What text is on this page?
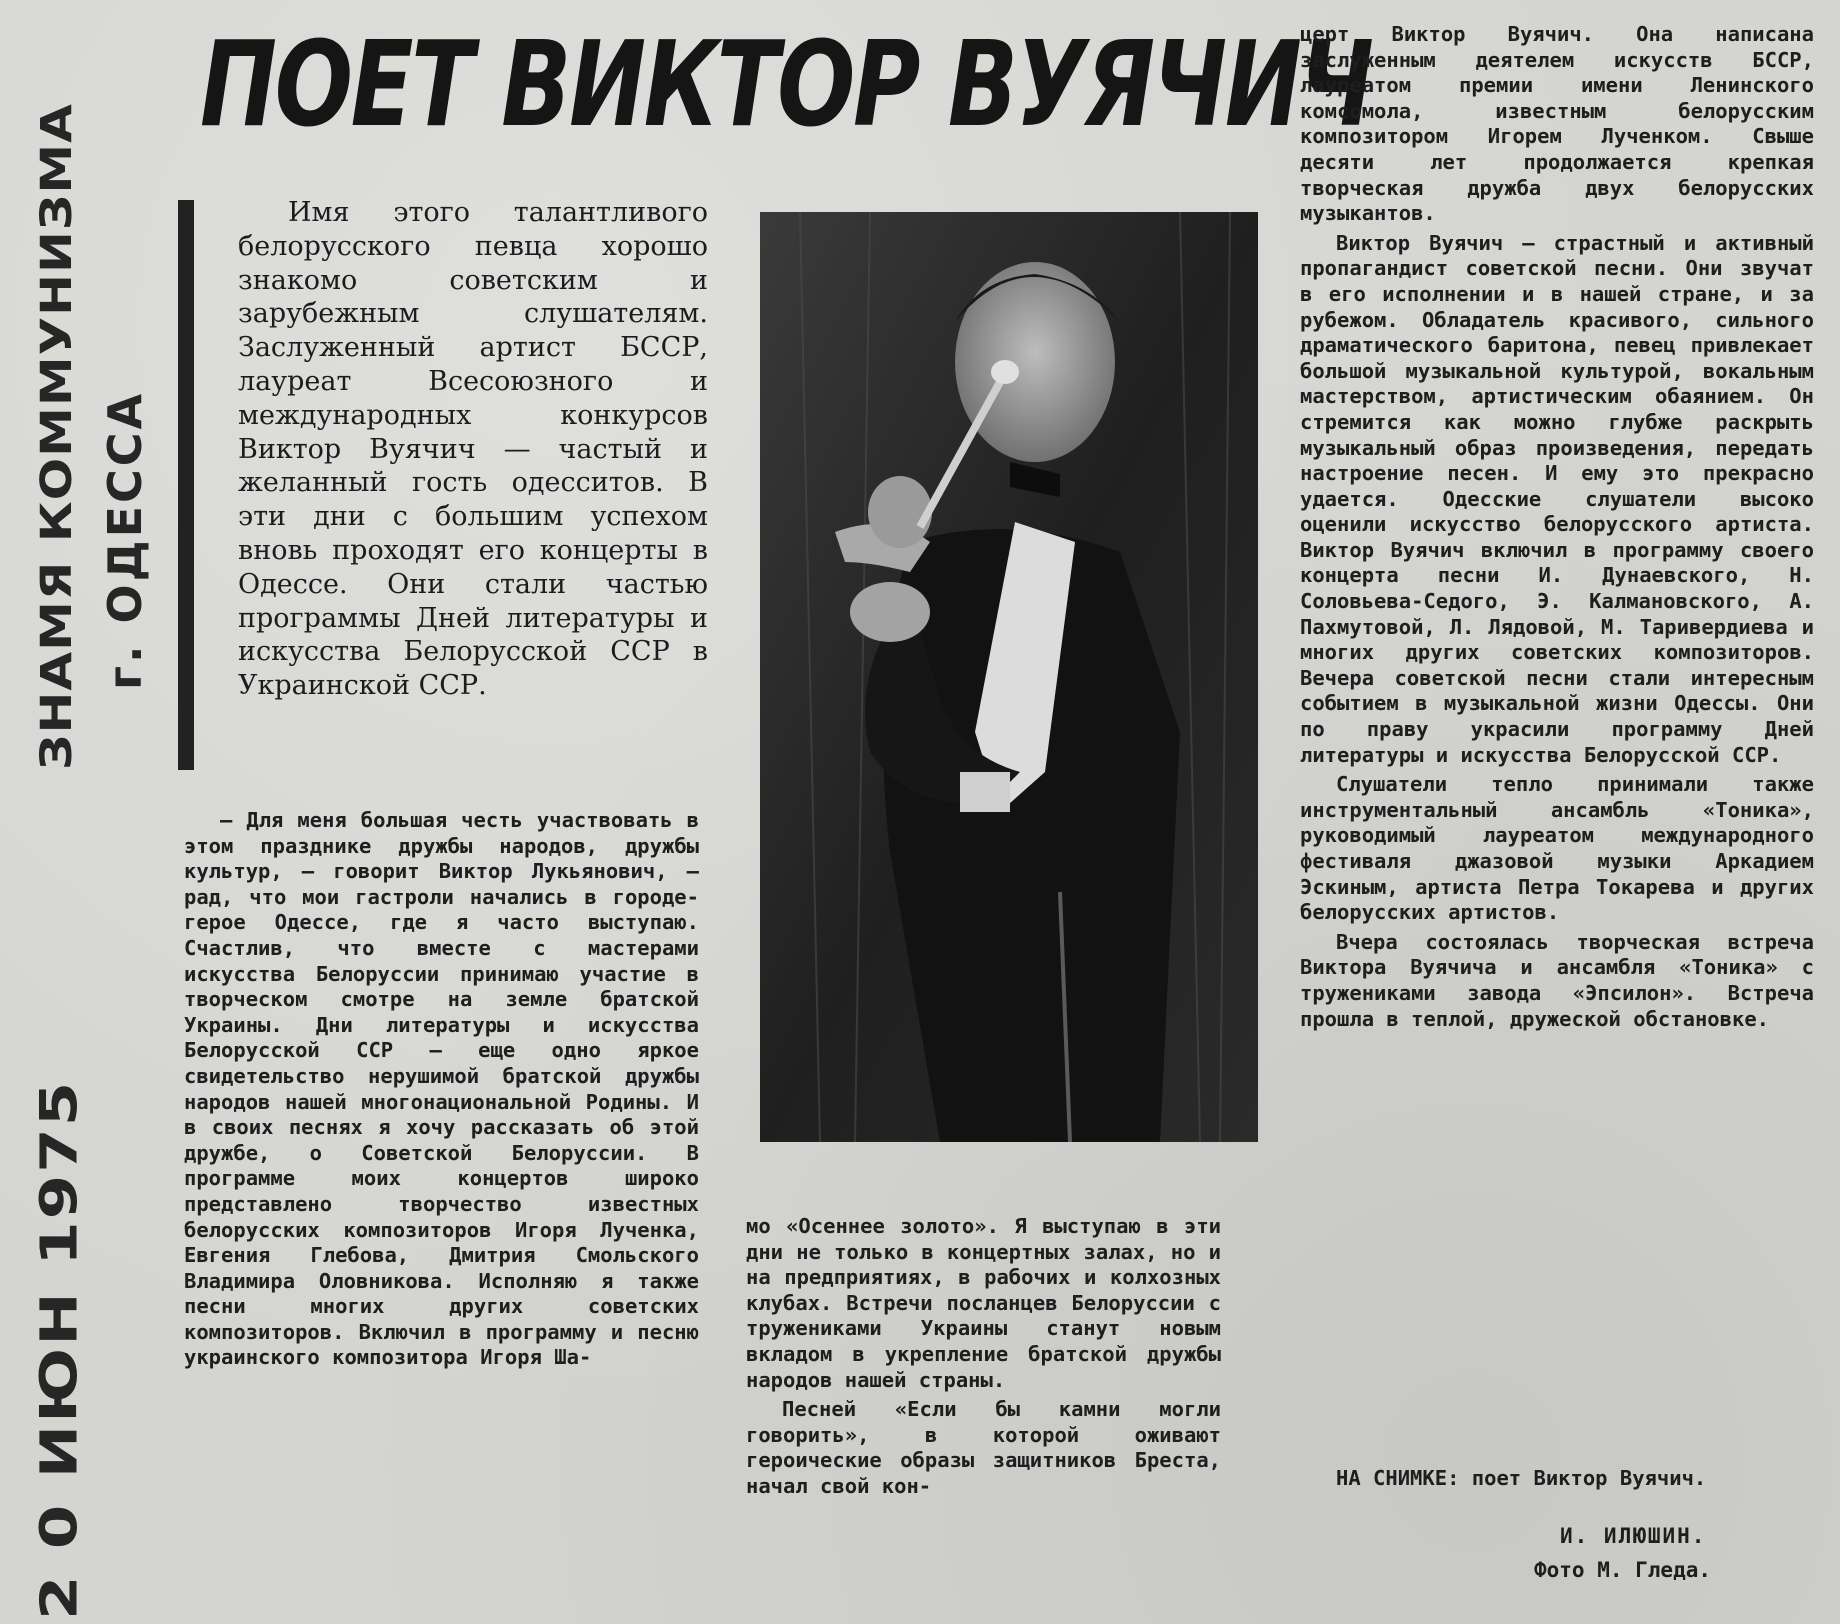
ПОЕТ ВИКТОР ВУЯЧИЧ
ЗНАМЯ КОММУНИЗМА г. ОДЕССА
2 0 ИЮН 1975

Имя этого талантливого белорусского певца хорошо знакомо советским и зарубежным слушателям. Заслуженный артист БССР, лауреат Всесоюзного и международных конкурсов Виктор Вуячич — частый и желанный гость одесситов. В эти дни с большим успехом вновь проходят его концерты в Одессе. Они стали частью программы Дней литературы и искусства Белорусской ССР в Украинской ССР.

— Для меня большая честь участвовать в этом празднике дружбы народов, дружбы культур, — говорит Виктор Лукьянович, — рад, что мои гастроли начались в городе-герое Одессе, где я часто выступаю. Счастлив, что вместе с мастерами искусства Белоруссии принимаю участие в творческом смотре на земле братской Украины. Дни литературы и искусства Белорусской ССР — еще одно яркое свидетельство нерушимой братской дружбы народов нашей многонациональной Родины. И в своих песнях я хочу рассказать об этой дружбе, о Советской Белоруссии. В программе моих концертов широко представлено творчество известных белорусских композиторов Игоря Лученка, Евгения Глебова, Дмитрия Смольского Владимира Оловникова. Исполняю я также песни многих других советских композиторов. Включил в программу и песню украинского композитора Игоря Ша-

мо «Осеннее золото». Я выступаю в эти дни не только в концертных залах, но и на предприятиях, в рабочих и колхозных клубах. Встречи посланцев Белоруссии с тружениками Украины станут новым вкладом в укрепление братской дружбы народов нашей страны.

Песней «Если бы камни могли говорить», в которой оживают героические образы защитников Бреста, начал свой кон-

церт Виктор Вуячич. Она написана заслуженным деятелем искусств БССР, лауреатом премии имени Ленинского комсомола, известным белорусским композитором Игорем Лученком. Свыше десяти лет продолжается крепкая творческая дружба двух белорусских музыкантов.

Виктор Вуячич — страстный и активный пропагандист советской песни. Они звучат в его исполнении и в нашей стране, и за рубежом. Обладатель красивого, сильного драматического баритона, певец привлекает большой музыкальной культурой, вокальным мастерством, артистическим обаянием. Он стремится как можно глубже раскрыть музыкальный образ произведения, передать настроение песен. И ему это прекрасно удается. Одесские слушатели высоко оценили искусство белорусского артиста. Виктор Вуячич включил в программу своего концерта песни И. Дунаевского, Н. Соловьева-Седого, Э. Калмановского, А. Пахмутовой, Л. Лядовой, М. Таривердиева и многих других советских композиторов. Вечера советской песни стали интересным событием в музыкальной жизни Одессы. Они по праву украсили программу Дней литературы и искусства Белорусской ССР.

Слушатели тепло принимали также инструментальный ансамбль «Тоника», руководимый лауреатом международного фестиваля джазовой музыки Аркадием Эскиным, артиста Петра Токарева и других белорусских артистов.

Вчера состоялась творческая встреча Виктора Вуячича и ансамбля «Тоника» с тружениками завода «Эпсилон». Встреча прошла в теплой, дружеской обстановке.

НА СНИМКЕ: поет Виктор Вуячич.

И. ИЛЮШИН.
Фото М. Гледа.
